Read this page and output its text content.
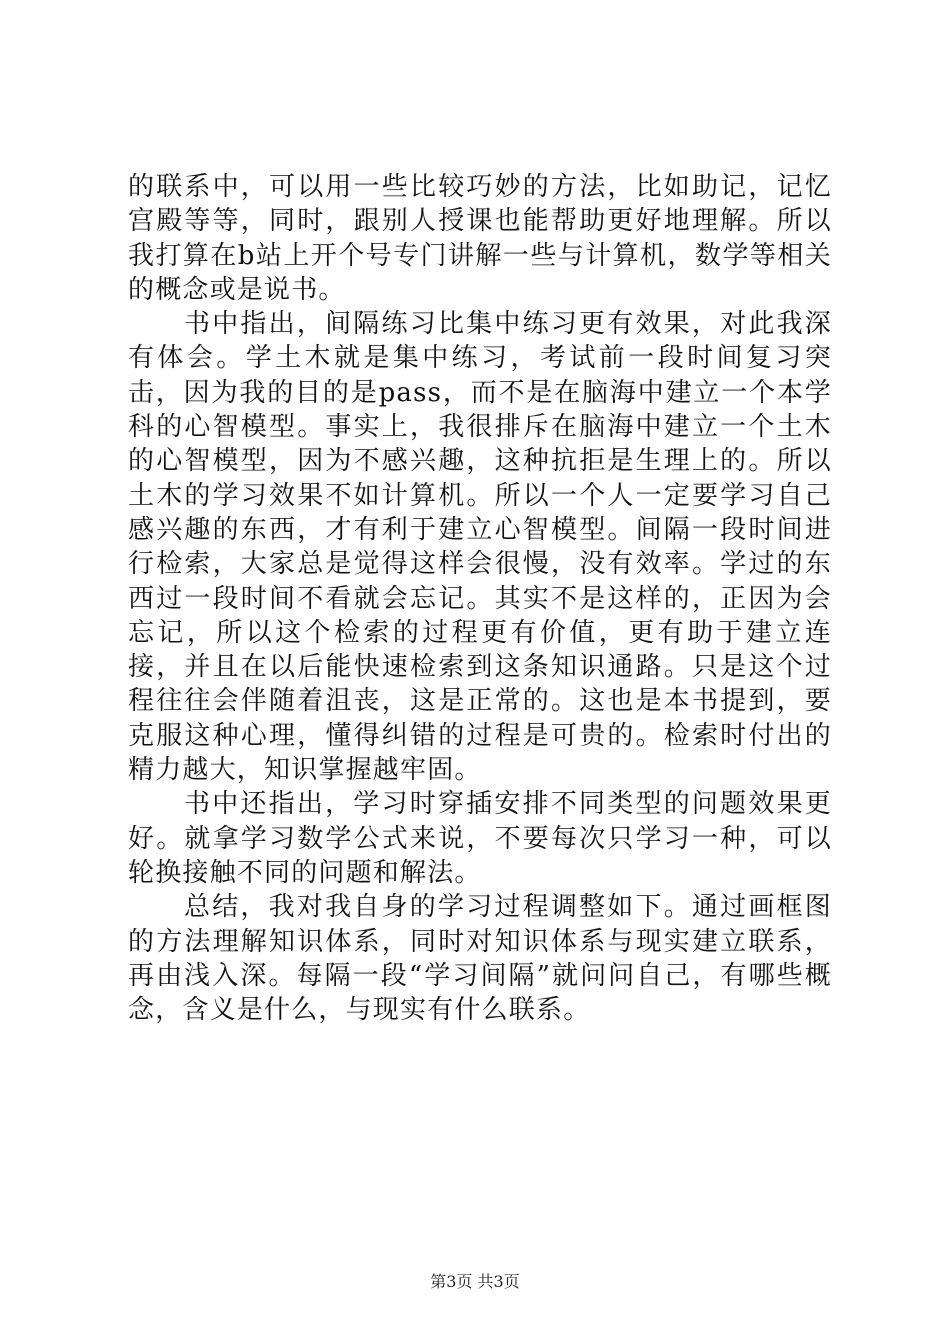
的联系中，可以用一些比较巧妙的方法，比如助记，记忆宫殿等等，同时，跟别人授课也能帮助更好地理解。所以我打算在b站上开个号专门讲解一些与计算机，数学等相关的概念或是说书。

书中指出，间隔练习比集中练习更有效果，对此我深有体会。学土木就是集中练习，考试前一段时间复习突击，因为我的目的是pass，而不是在脑海中建立一个本学科的心智模型。事实上，我很排斥在脑海中建立一个土木的心智模型，因为不感兴趣，这种抗拒是生理上的。所以土木的学习效果不如计算机。所以一个人一定要学习自己感兴趣的东西，才有利于建立心智模型。间隔一段时间进行检索，大家总是觉得这样会很慢，没有效率。学过的东西过一段时间不看就会忘记。其实不是这样的，正因为会忘记，所以这个检索的过程更有价值，更有助于建立连接，并且在以后能快速检索到这条知识通路。只是这个过程往往会伴随着沮丧，这是正常的。这也是本书提到，要克服这种心理，懂得纠错的过程是可贵的。检索时付出的精力越大，知识掌握越牢固。

书中还指出，学习时穿插安排不同类型的问题效果更好。就拿学习数学公式来说，不要每次只学习一种，可以轮换接触不同的问题和解法。

总结，我对我自身的学习过程调整如下。通过画框图的方法理解知识体系，同时对知识体系与现实建立联系，再由浅入深。每隔一段“学习间隔”就问问自己，有哪些概念，含义是什么，与现实有什么联系。

第3页 共3页
